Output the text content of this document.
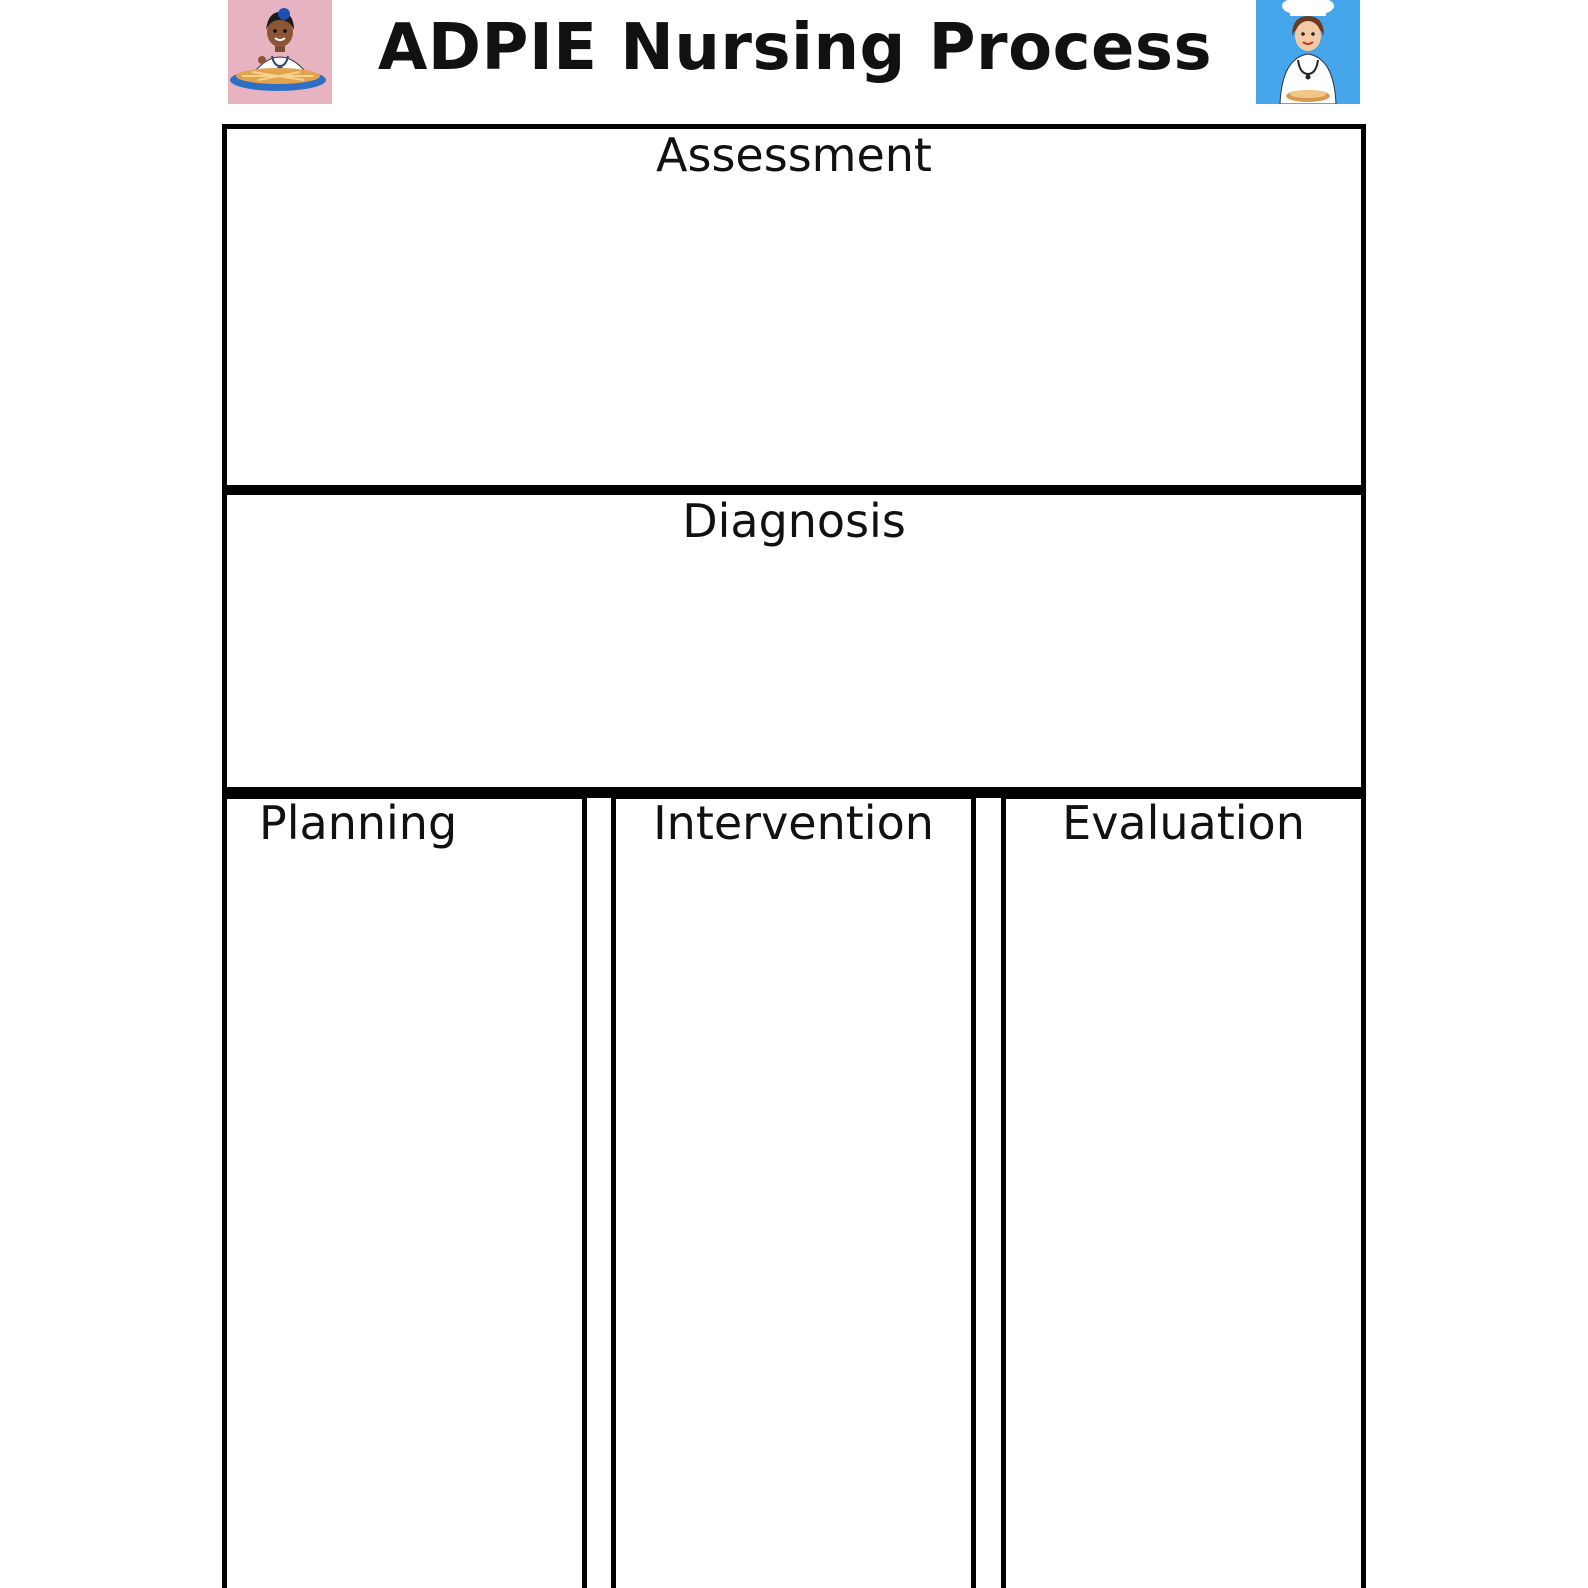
ADPIE Nursing Process
Assessment
Diagnosis
Planning	Intervention	Evaluation
